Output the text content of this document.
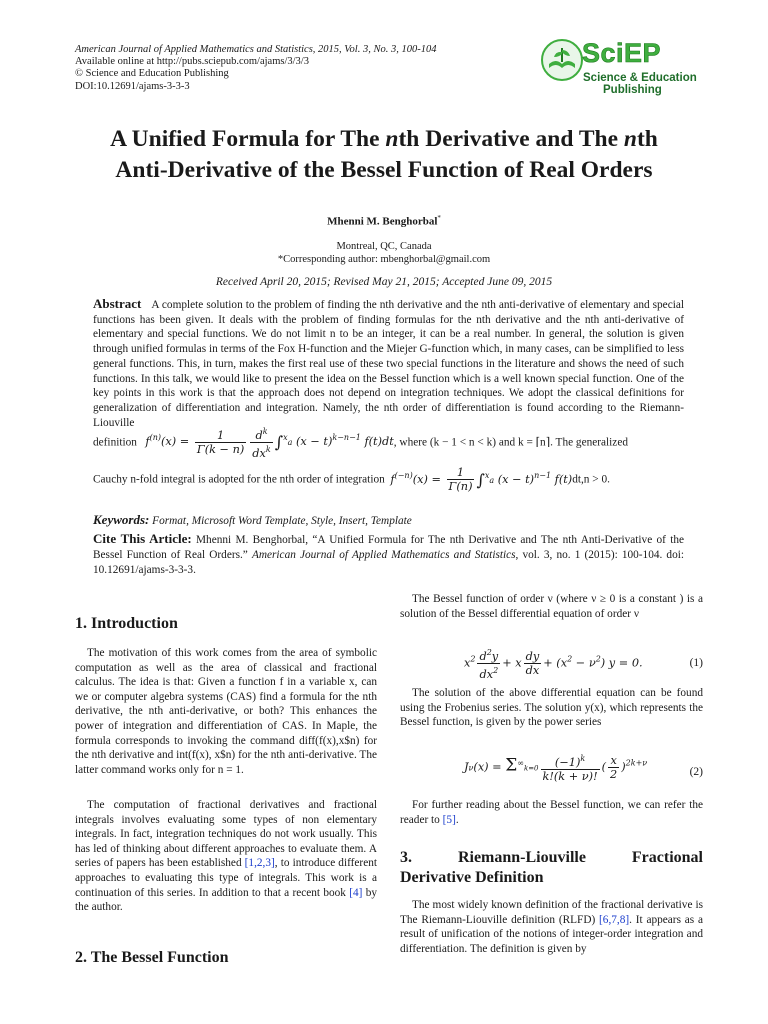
American Journal of Applied Mathematics and Statistics, 2015, Vol. 3, No. 3, 100-104
Available online at http://pubs.sciepub.com/ajams/3/3/3
© Science and Education Publishing
DOI:10.12691/ajams-3-3-3
SciEP
Science & Education
Publishing
A Unified Formula for The nth Derivative and The nth
Anti-Derivative of the Bessel Function of Real Orders
Mhenni M. Benghorbal*
Montreal, QC, Canada
*Corresponding author: mbenghorbal@gmail.com
Received April 20, 2015; Revised May 21, 2015; Accepted June 09, 2015
Abstract A complete solution to the problem of finding the nth derivative and the nth anti-derivative of elementary and special functions has been given. It deals with the problem of finding formulas for the nth derivative and the nth anti-derivative of elementary and special functions. We do not limit n to be an integer, it can be a real number. In general, the solution is given through unified formulas in terms of the Fox H-function and the Miejer G-function which, in many cases, can be simplified to less general functions. This, in turn, makes the first real use of these two special functions in the literature and shows the need of such functions. In this talk, we would like to present the idea on the Bessel function which is a well known special function. One of the key points in this work is that the approach does not depend on integration techniques. We adopt the classical definitions for generalization of differentiation and integration. Namely, the nth order of differentiation is found according to the Riemann-Liouville
definition $f^{(n)}(x) = \frac{1}{\Gamma(k - n)} \frac{d^k}{dx^k} \int^xa$ $(x - t)^{k-n-1}$ f(t)dt, where (k − 1 < n < k) and k = ⌈n⌉. The generalized
Cauchy n-fold integral is adopted for the nth order of integration $f^{(-n)}(x) = \frac{1}{\Gamma(n)} \int^xa$ $(x - t)^{n-1}$ f(t)dt,n > 0.
Keywords: Format, Microsoft Word Template, Style, Insert, Template
Cite This Article: Mhenni M. Benghorbal, “A Unified Formula for The nth Derivative and The nth Anti-Derivative of the Bessel Function of Real Orders.” American Journal of Applied Mathematics and Statistics, vol. 3, no. 1 (2015): 100-104. doi: 10.12691/ajams-3-3-3.
1. Introduction
The motivation of this work comes from the area of symbolic computation as well as the area of classical and fractional calculus. The idea is that: Given a function f in a variable x, can we or computer algebra systems (CAS) find a formula for the nth derivative, the nth anti-derivative, or both? This enhances the power of integration and differentiation of CAS. In Maple, the formula corresponds to invoking the command diff(f(x),x$n) for the nth derivative and int(f(x), x$n) for the nth anti-derivative. The latter command works only for n = 1.
The computation of fractional derivatives and fractional integrals involves evaluating some types of non elementary integrals. In fact, integration techniques do not work usually. This has led of thinking about different approaches to evaluate them. A series of papers has been established [1,2,3], to introduce different approaches to evaluating this type of integrals. This work is a continuation of this series. In addition to that a recent book [4] by the author.
2. The Bessel Function
The Bessel function of order ν (where ν ≥ 0 is a constant ) is a solution of the Bessel differential equation of order ν
$x^2 \frac{d^2y}{dx^2} + x \frac{dy}{dx} + (x^2 - \nu^2) y = 0$.	(1)
The solution of the above differential equation can be found using the Frobenius series. The solution y(x), which represents the Bessel function, is given by the power series
$J\nu(x) = \Sigma^\infty k=0 \frac{(-1)^k}{k!(k + \nu)!}$ ( $\frac{x}{2} )^{2k+\nu}$
(2)
For further reading about the Bessel function, we can refer the reader to [5].
3.	Riemann-Liouville	Fractional
Derivative Definition
The most widely known definition of the fractional derivative is The Riemann-Liouville definition (RLFD) [6,7,8]. It appears as a result of unification of the notions of integer-order integration and differentiation. The definition is given by
